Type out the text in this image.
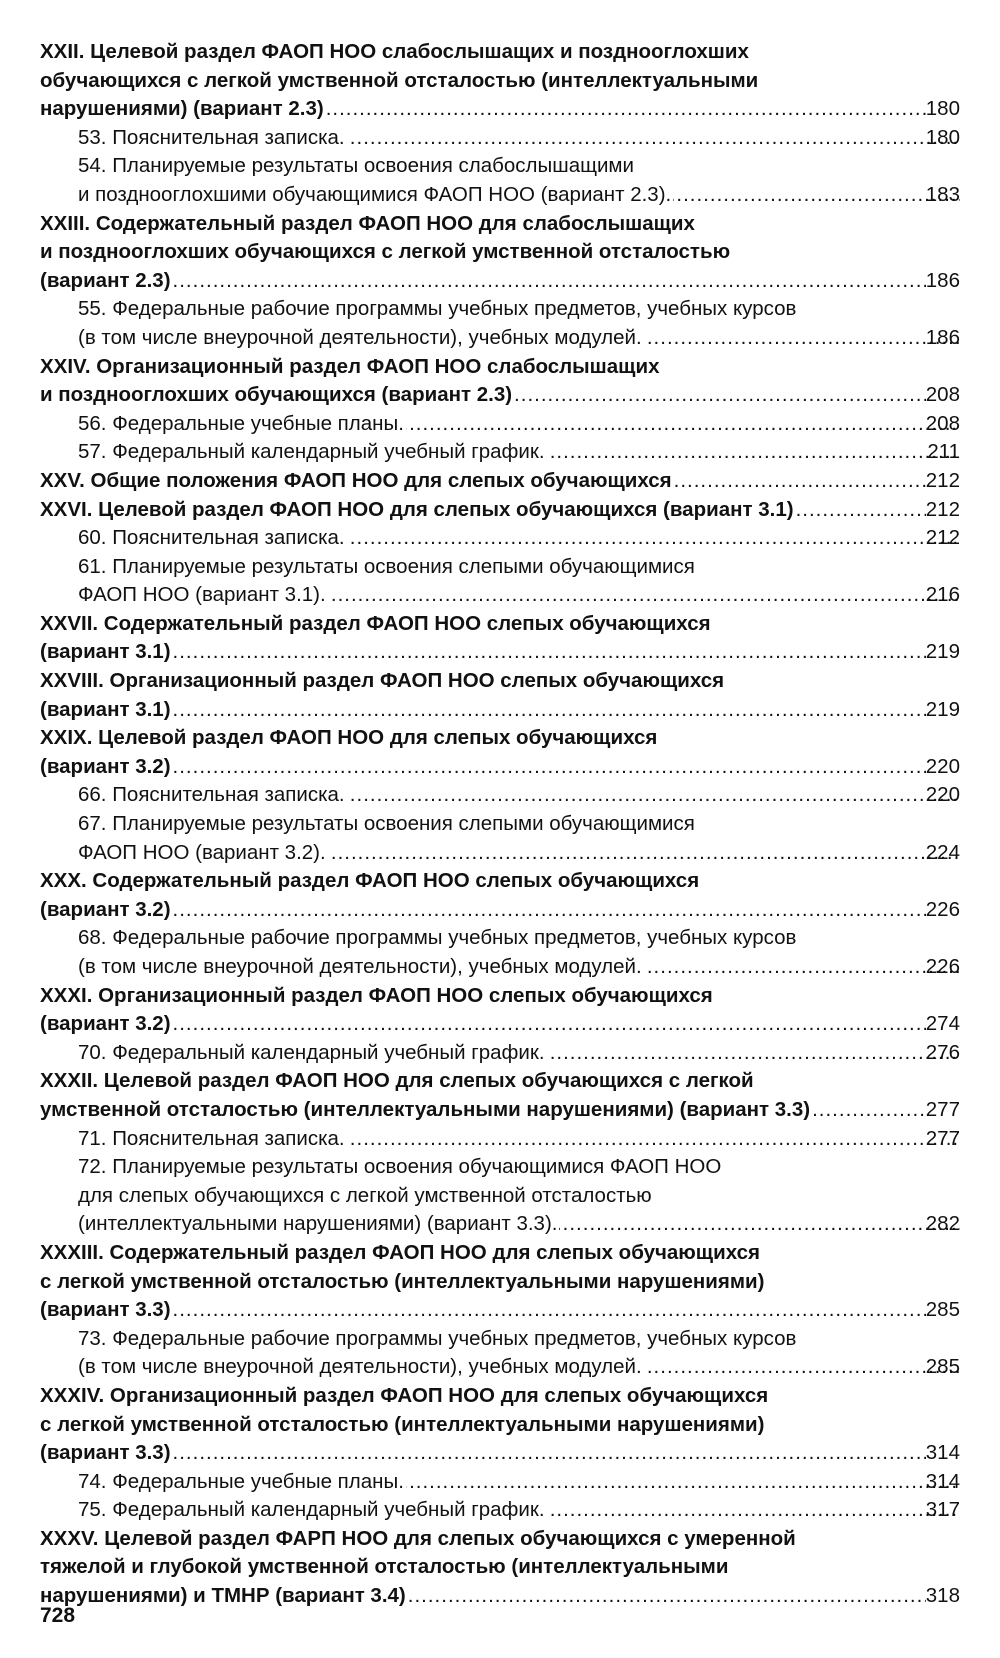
XXII. Целевой раздел ФАОП НОО слабослышащих и позднооглохших
обучающихся с легкой умственной отсталостью (интеллектуальными
нарушениями) (вариант 2.3) .....	180
53. Пояснительная записка. .....	180
54. Планируемые результаты освоения слабослышащими
и позднооглохшими обучающимися ФАОП НОО (вариант 2.3). .....	183
XXIII. Содержательный раздел ФАОП НОО для слабослышащих
и позднооглохших обучающихся с легкой умственной отсталостью
(вариант 2.3) .....	186
55. Федеральные рабочие программы учебных предметов, учебных курсов
(в том числе внеурочной деятельности), учебных модулей. .....	186
XXIV. Организационный раздел ФАОП НОО слабослышащих
и позднооглохших обучающихся (вариант 2.3) .....	208
56. Федеральные учебные планы. .....	208
57. Федеральный календарный учебный график. .....	211
XXV. Общие положения ФАОП НОО для слепых обучающихся .....	212
XXVI. Целевой раздел ФАОП НОО для слепых обучающихся (вариант 3.1) .....	212
60. Пояснительная записка. .....	212
61. Планируемые результаты освоения слепыми обучающимися
ФАОП НОО (вариант 3.1). .....	216
XXVII. Содержательный раздел ФАОП НОО слепых обучающихся
(вариант 3.1) .....	219
XXVIII. Организационный раздел ФАОП НОО слепых обучающихся
(вариант 3.1) .....	219
XXIX. Целевой раздел ФАОП НОО для слепых обучающихся
(вариант 3.2) .....	220
66. Пояснительная записка. .....	220
67. Планируемые результаты освоения слепыми обучающимися
ФАОП НОО (вариант 3.2). .....	224
XXX. Содержательный раздел ФАОП НОО слепых обучающихся
(вариант 3.2) .....	226
68. Федеральные рабочие программы учебных предметов, учебных курсов
(в том числе внеурочной деятельности), учебных модулей. .....	226
XXXI. Организационный раздел ФАОП НОО слепых обучающихся
(вариант 3.2) .....	274
70. Федеральный календарный учебный график. .....	276
XXXII. Целевой раздел ФАОП НОО для слепых обучающихся с легкой
умственной отсталостью (интеллектуальными нарушениями) (вариант 3.3) .....	277
71. Пояснительная записка. .....	277
72. Планируемые результаты освоения обучающимися ФАОП НОО
для слепых обучающихся с легкой умственной отсталостью
(интеллектуальными нарушениями) (вариант 3.3). .....	282
XXXIII. Содержательный раздел ФАОП НОО для слепых обучающихся
с легкой умственной отсталостью (интеллектуальными нарушениями)
(вариант 3.3) .....	285
73. Федеральные рабочие программы учебных предметов, учебных курсов
(в том числе внеурочной деятельности), учебных модулей. .....	285
XXXIV. Организационный раздел ФАОП НОО для слепых обучающихся
с легкой умственной отсталостью (интеллектуальными нарушениями)
(вариант 3.3) .....	314
74. Федеральные учебные планы. .....	314
75. Федеральный календарный учебный график. .....	317
XXXV. Целевой раздел ФАРП НОО для слепых обучающихся с умеренной
тяжелой и глубокой умственной отсталостью (интеллектуальными
нарушениями) и ТМНР (вариант 3.4) .....	318
728
